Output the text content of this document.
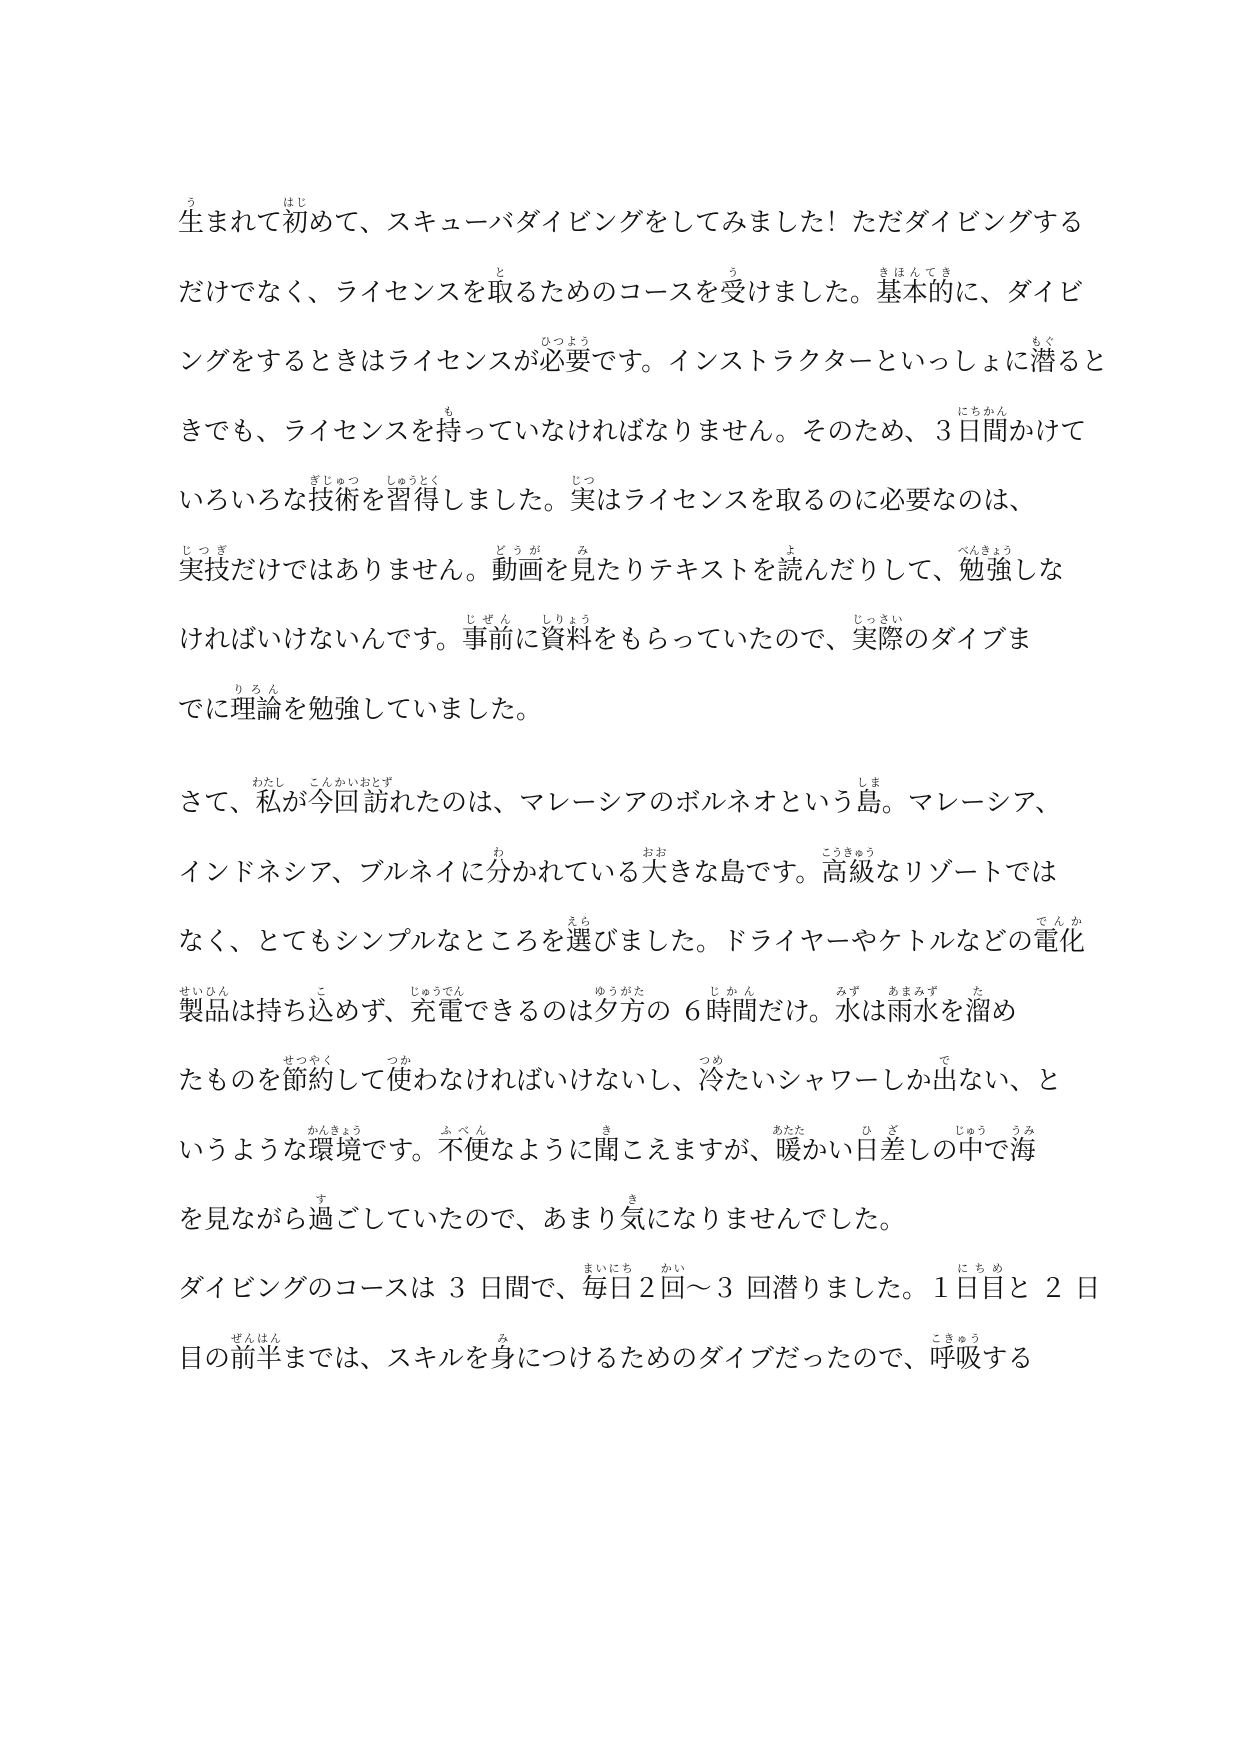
生うまれて初はじめて、スキューバダイビングをしてみました！ただダイビングする
だけでなく、ライセンスを取とるためのコースを受うけました。基本的きほんてきに、ダイビ
ングをするときはライセンスが必要ひつようです。インストラクターといっしょに潜もぐると
きでも、ライセンスを持もっていなければなりません。そのため、３日間にちかんかけて
いろいろな技術ぎじゅつを習得しゅうとくしました。実じつはライセンスを取るのに必要なのは、
実技じつぎだけではありません。動画どうがを見みたりテキストを読よんだりして、勉強べんきょうしな
ければいけないんです。事前じぜんに資料しりょうをもらっていたので、実際じっさいのダイブま
でに理論りろんを勉強していました。
さて、私わたしが今回こんかい訪おとずれたのは、マレーシアのボルネオという島しま。マレーシア、
インドネシア、ブルネイに分わかれている大おおきな島です。高級こうきゅうなリゾートでは
なく、とてもシンプルなところを選えらびました。ドライヤーやケトルなどの電化でんか
製品せいひんは持ち込こめず、充電じゅうでんできるのは夕方ゆうがたの ６時間じかんだけ。水みずは雨水あまみずを溜ため
たものを節約せつやくして使つかわなければいけないし、冷つめたいシャワーしか出でない、と
いうような環境かんきょうです。不便ふべんなように聞きこえますが、暖あたたかい日ひ差ざしの中じゅうで海うみ
を見ながら過すごしていたので、あまり気きになりませんでした。
ダイビングのコースは ３ 日間で、毎日まいにち２回かい～３ 回潜りました。１日目にちめと ２ 日
目の前半ぜんはんまでは、スキルを身みにつけるためのダイブだったので、呼吸こきゅうする
